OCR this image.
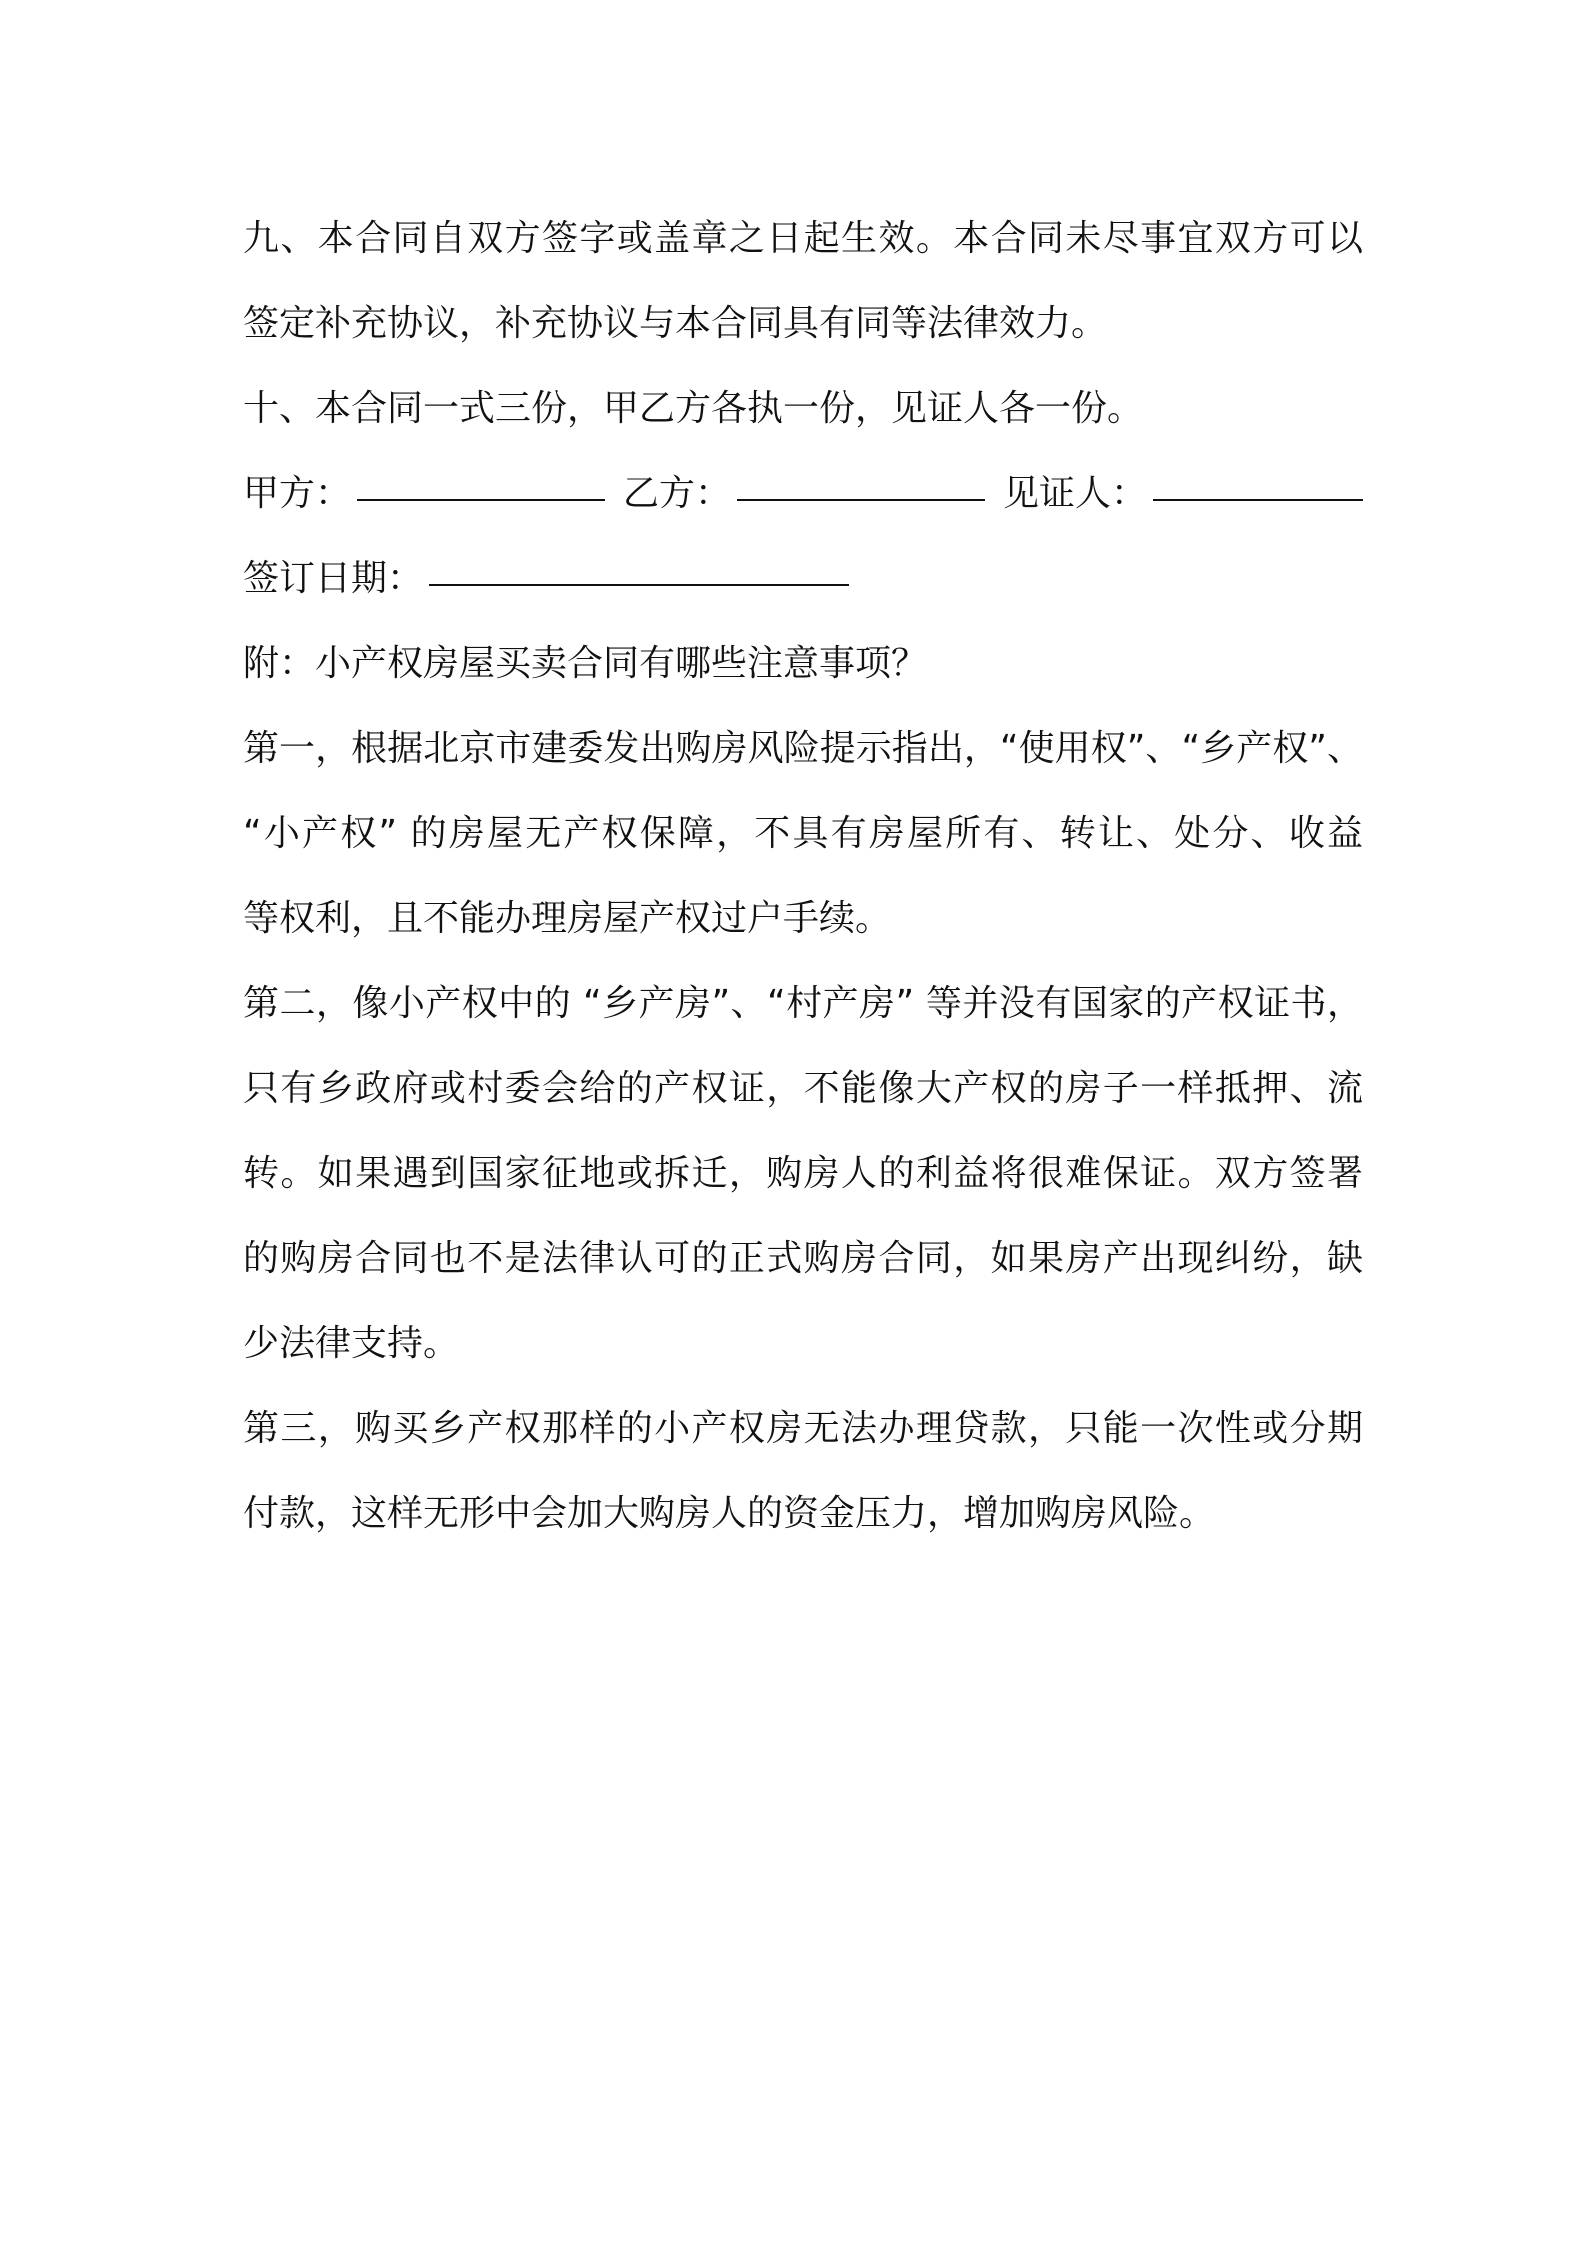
九、本合同自双方签字或盖章之日起生效。本合同未尽事宜双方可以
签定补充协议，补充协议与本合同具有同等法律效力。
十、本合同一式三份，甲乙方各执一份，见证人各一份。
甲方：	乙方：	见证人：
签订日期：
附：小产权房屋买卖合同有哪些注意事项？
第一，根据北京市建委发出购房风险提示指出，“使用权”、“乡产权”、
“小产权” 的房屋无产权保障，不具有房屋所有、转让、处分、收益
等权利，且不能办理房屋产权过户手续。
第二，像小产权中的 “乡产房”、“村产房” 等并没有国家的产权证书，
只有乡政府或村委会给的产权证，不能像大产权的房子一样抵押、流
转。如果遇到国家征地或拆迁，购房人的利益将很难保证。双方签署
的购房合同也不是法律认可的正式购房合同，如果房产出现纠纷，缺
少法律支持。
第三，购买乡产权那样的小产权房无法办理贷款，只能一次性或分期
付款，这样无形中会加大购房人的资金压力，增加购房风险。
